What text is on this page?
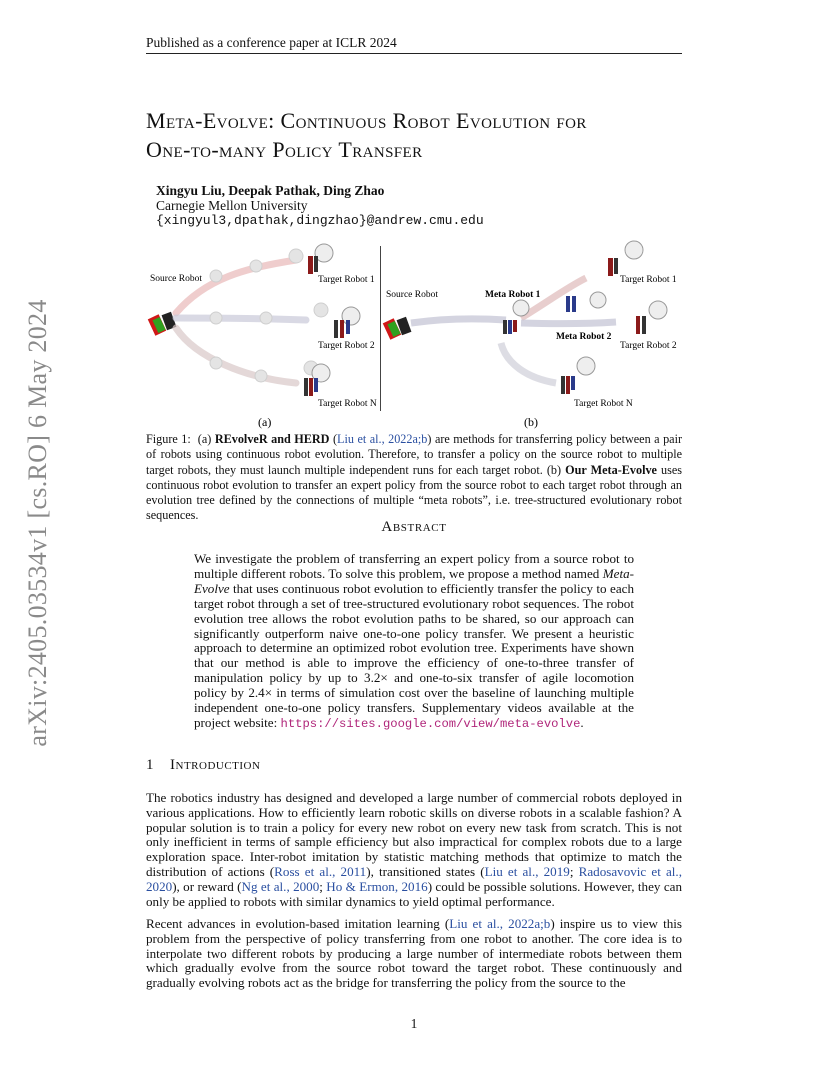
Published as a conference paper at ICLR 2024
arXiv:2405.03534v1 [cs.RO] 6 May 2024
Meta-Evolve: Continuous Robot Evolution for
One-to-many Policy Transfer
Xingyu Liu, Deepak Pathak, Ding Zhao
Carnegie Mellon University
{xingyul3,dpathak,dingzhao}@andrew.cmu.edu
Source Robot	Target Robot 1
Target Robot 2
Target Robot N
(a)
Source Robot	Meta Robot 1
Meta Robot 2
Target Robot 1
Target Robot 2
Target Robot N
(b)
Figure 1: (a) REvolveR and HERD (Liu et al., 2022a;b) are methods for transferring policy between a pair of robots using continuous robot evolution. Therefore, to transfer a policy on the source robot to multiple target robots, they must launch multiple independent runs for each target robot. (b) Our Meta-Evolve uses continuous robot evolution to transfer an expert policy from the source robot to each target robot through an evolution tree defined by the connections of multiple “meta robots”, i.e. tree-structured evolutionary robot sequences.
Abstract
We investigate the problem of transferring an expert policy from a source robot to multiple different robots. To solve this problem, we propose a method named Meta-Evolve that uses continuous robot evolution to efficiently transfer the policy to each target robot through a set of tree-structured evolutionary robot sequences. The robot evolution tree allows the robot evolution paths to be shared, so our approach can significantly outperform naive one-to-one policy transfer. We present a heuristic approach to determine an optimized robot evolution tree. Experiments have shown that our method is able to improve the efficiency of one-to-three transfer of manipulation policy by up to 3.2× and one-to-six transfer of agile locomotion policy by 2.4× in terms of simulation cost over the baseline of launching multiple independent one-to-one policy transfers. Supplementary videos available at the project website: https://sites.google.com/view/meta-evolve.
1 Introduction
The robotics industry has designed and developed a large number of commercial robots deployed in various applications. How to efficiently learn robotic skills on diverse robots in a scalable fashion? A popular solution is to train a policy for every new robot on every new task from scratch. This is not only inefficient in terms of sample efficiency but also impractical for complex robots due to a large exploration space. Inter-robot imitation by statistic matching methods that optimize to match the distribution of actions (Ross et al., 2011), transitioned states (Liu et al., 2019; Radosavovic et al., 2020), or reward (Ng et al., 2000; Ho & Ermon, 2016) could be possible solutions. However, they can only be applied to robots with similar dynamics to yield optimal performance.
Recent advances in evolution-based imitation learning (Liu et al., 2022a;b) inspire us to view this problem from the perspective of policy transferring from one robot to another. The core idea is to interpolate two different robots by producing a large number of intermediate robots between them which gradually evolve from the source robot toward the target robot. These continuously and gradually evolving robots act as the bridge for transferring the policy from the source to the
1
